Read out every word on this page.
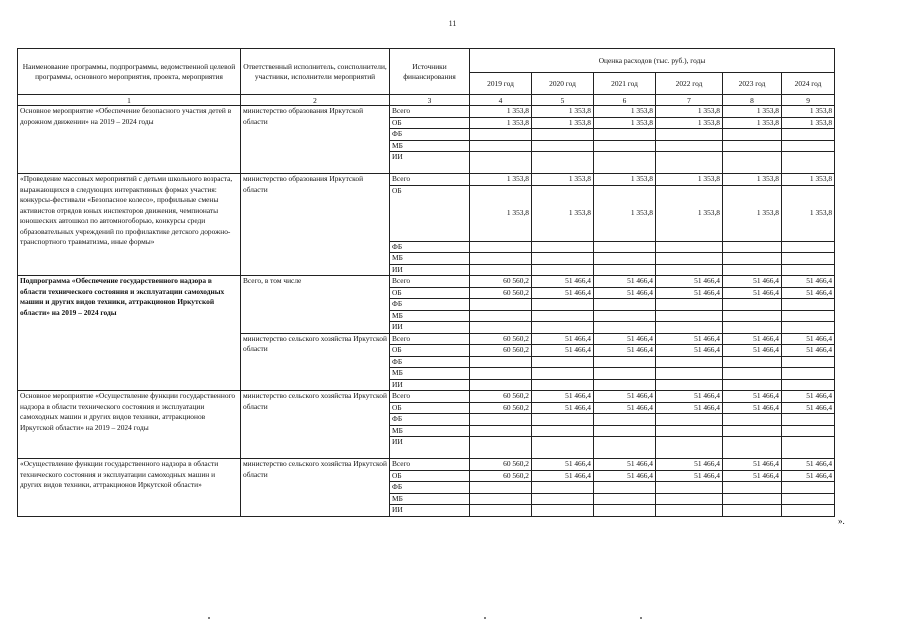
11
Наименование программы, подпрограммы, ведомственной целевой программы, основного мероприятия, проекта, мероприятия	Ответственный исполнитель, соисполнители, участники, исполнители мероприятий	Источники финансирования	Оценка расходов (тыс. руб.), годы					
			2019 год	2020 год	2021 год	2022 год	2023 год	2024 год
1	2	3	4	5	6	7	8	9
Основное мероприятие «Обеспечение безопасного участия детей в дорожном движении» на 2019 – 2024 годы	министерство образования Иркутской области	Всего	1 353,8	1 353,8	1 353,8	1 353,8	1 353,8	1 353,8
		ОБ	1 353,8	1 353,8	1 353,8	1 353,8	1 353,8	1 353,8
		ФБ						
		МБ						
		ИИ						
«Проведение массовых мероприятий с детьми школьного возраста, выражающихся в следующих интерактивных формах участия: конкурсы-фестивали «Безопасное колесо», профильные смены активистов отрядов юных инспекторов движения, чемпионаты юношеских автошкол по автомногоборью, конкурсы среди образовательных учреждений по профилактике детского дорожно-транспортного травматизма, иные формы»	министерство образования Иркутской области	Всего	1 353,8	1 353,8	1 353,8	1 353,8	1 353,8	1 353,8
		ОБ	1 353,8	1 353,8	1 353,8	1 353,8	1 353,8	1 353,8
		ФБ						
		МБ						
		ИИ						
Подпрограмма «Обеспечение государственного надзора в области технического состояния и эксплуатации самоходных машин и других видов техники, аттракционов Иркутской области» на 2019 – 2024 годы	Всего, в том числе	Всего	60 560,2	51 466,4	51 466,4	51 466,4	51 466,4	51 466,4
		ОБ	60 560,2	51 466,4	51 466,4	51 466,4	51 466,4	51 466,4
		ФБ						
		МБ						
		ИИ						
	министерство сельского хозяйства Иркутской области	Всего	60 560,2	51 466,4	51 466,4	51 466,4	51 466,4	51 466,4
		ОБ	60 560,2	51 466,4	51 466,4	51 466,4	51 466,4	51 466,4
		ФБ						
		МБ						
		ИИ						
Основное мероприятие «Осуществление функции государственного надзора в области технического состояния и эксплуатации самоходных машин и других видов техники, аттракционов Иркутской области» на 2019 – 2024 годы	министерство сельского хозяйства Иркутской области	Всего	60 560,2	51 466,4	51 466,4	51 466,4	51 466,4	51 466,4
		ОБ	60 560,2	51 466,4	51 466,4	51 466,4	51 466,4	51 466,4
		ФБ						
		МБ						
		ИИ						
«Осуществление функции государственного надзора в области технического состояния и эксплуатации самоходных машин и других видов техники, аттракционов Иркутской области»	министерство сельского хозяйства Иркутской области	Всего	60 560,2	51 466,4	51 466,4	51 466,4	51 466,4	51 466,4
		ОБ	60 560,2	51 466,4	51 466,4	51 466,4	51 466,4	51 466,4
		ФБ						
		МБ						
		ИИ						
».
